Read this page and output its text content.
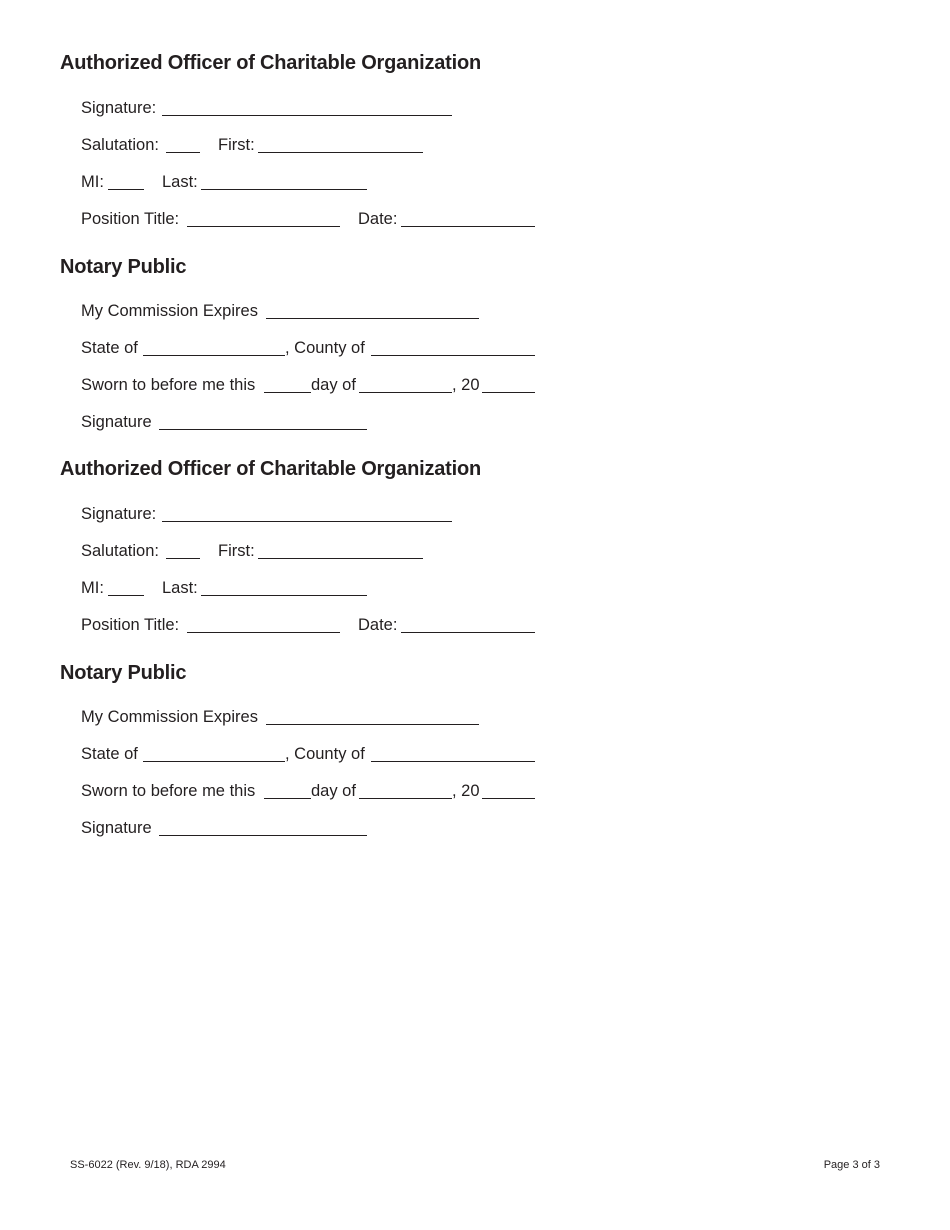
Authorized Officer of Charitable Organization
Signature:
Salutation:	First:
MI:	Last:
Position Title:	Date:
Notary Public
My Commission Expires
State of	, County of
Sworn to before me this	day of	, 20
Signature
Authorized Officer of Charitable Organization
Signature:
Salutation:	First:
MI:	Last:
Position Title:	Date:
Notary Public
My Commission Expires
State of	, County of
Sworn to before me this	day of	, 20
Signature
SS-6022 (Rev. 9/18), RDA 2994	Page 3 of 3
